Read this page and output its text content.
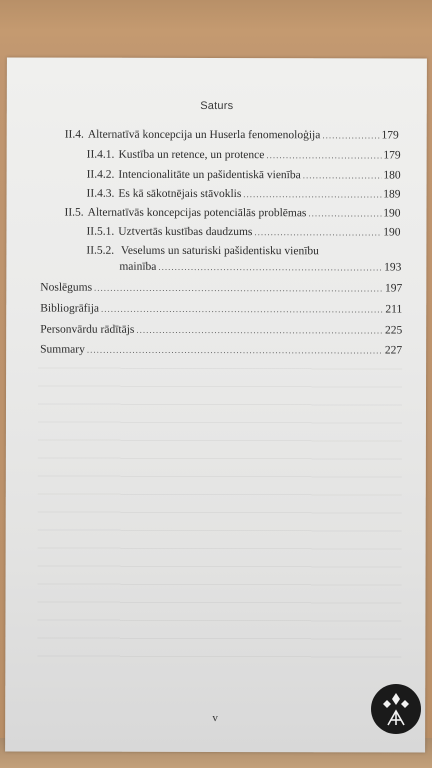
Saturs
II.4. Alternatīvā koncepcija un Huserla fenomenoloģija .....	179
II.4.1. Kustība un retence, un protence .....	179
II.4.2. Intencionalitāte un pašidentiskā vienība .....	180
II.4.3. Es kā sākotnējais stāvoklis .....	189
II.5. Alternatīvās koncepcijas potenciālās problēmas .....	190
II.5.1. Uztvertās kustības daudzums .....	190
II.5.2. Veselums un saturiski pašidentisku vienību
mainība .....	193
Noslēgums .....	197
Bibliogrāfija .....	211
Personvārdu rādītājs .....	225
Summary .....	227
v
